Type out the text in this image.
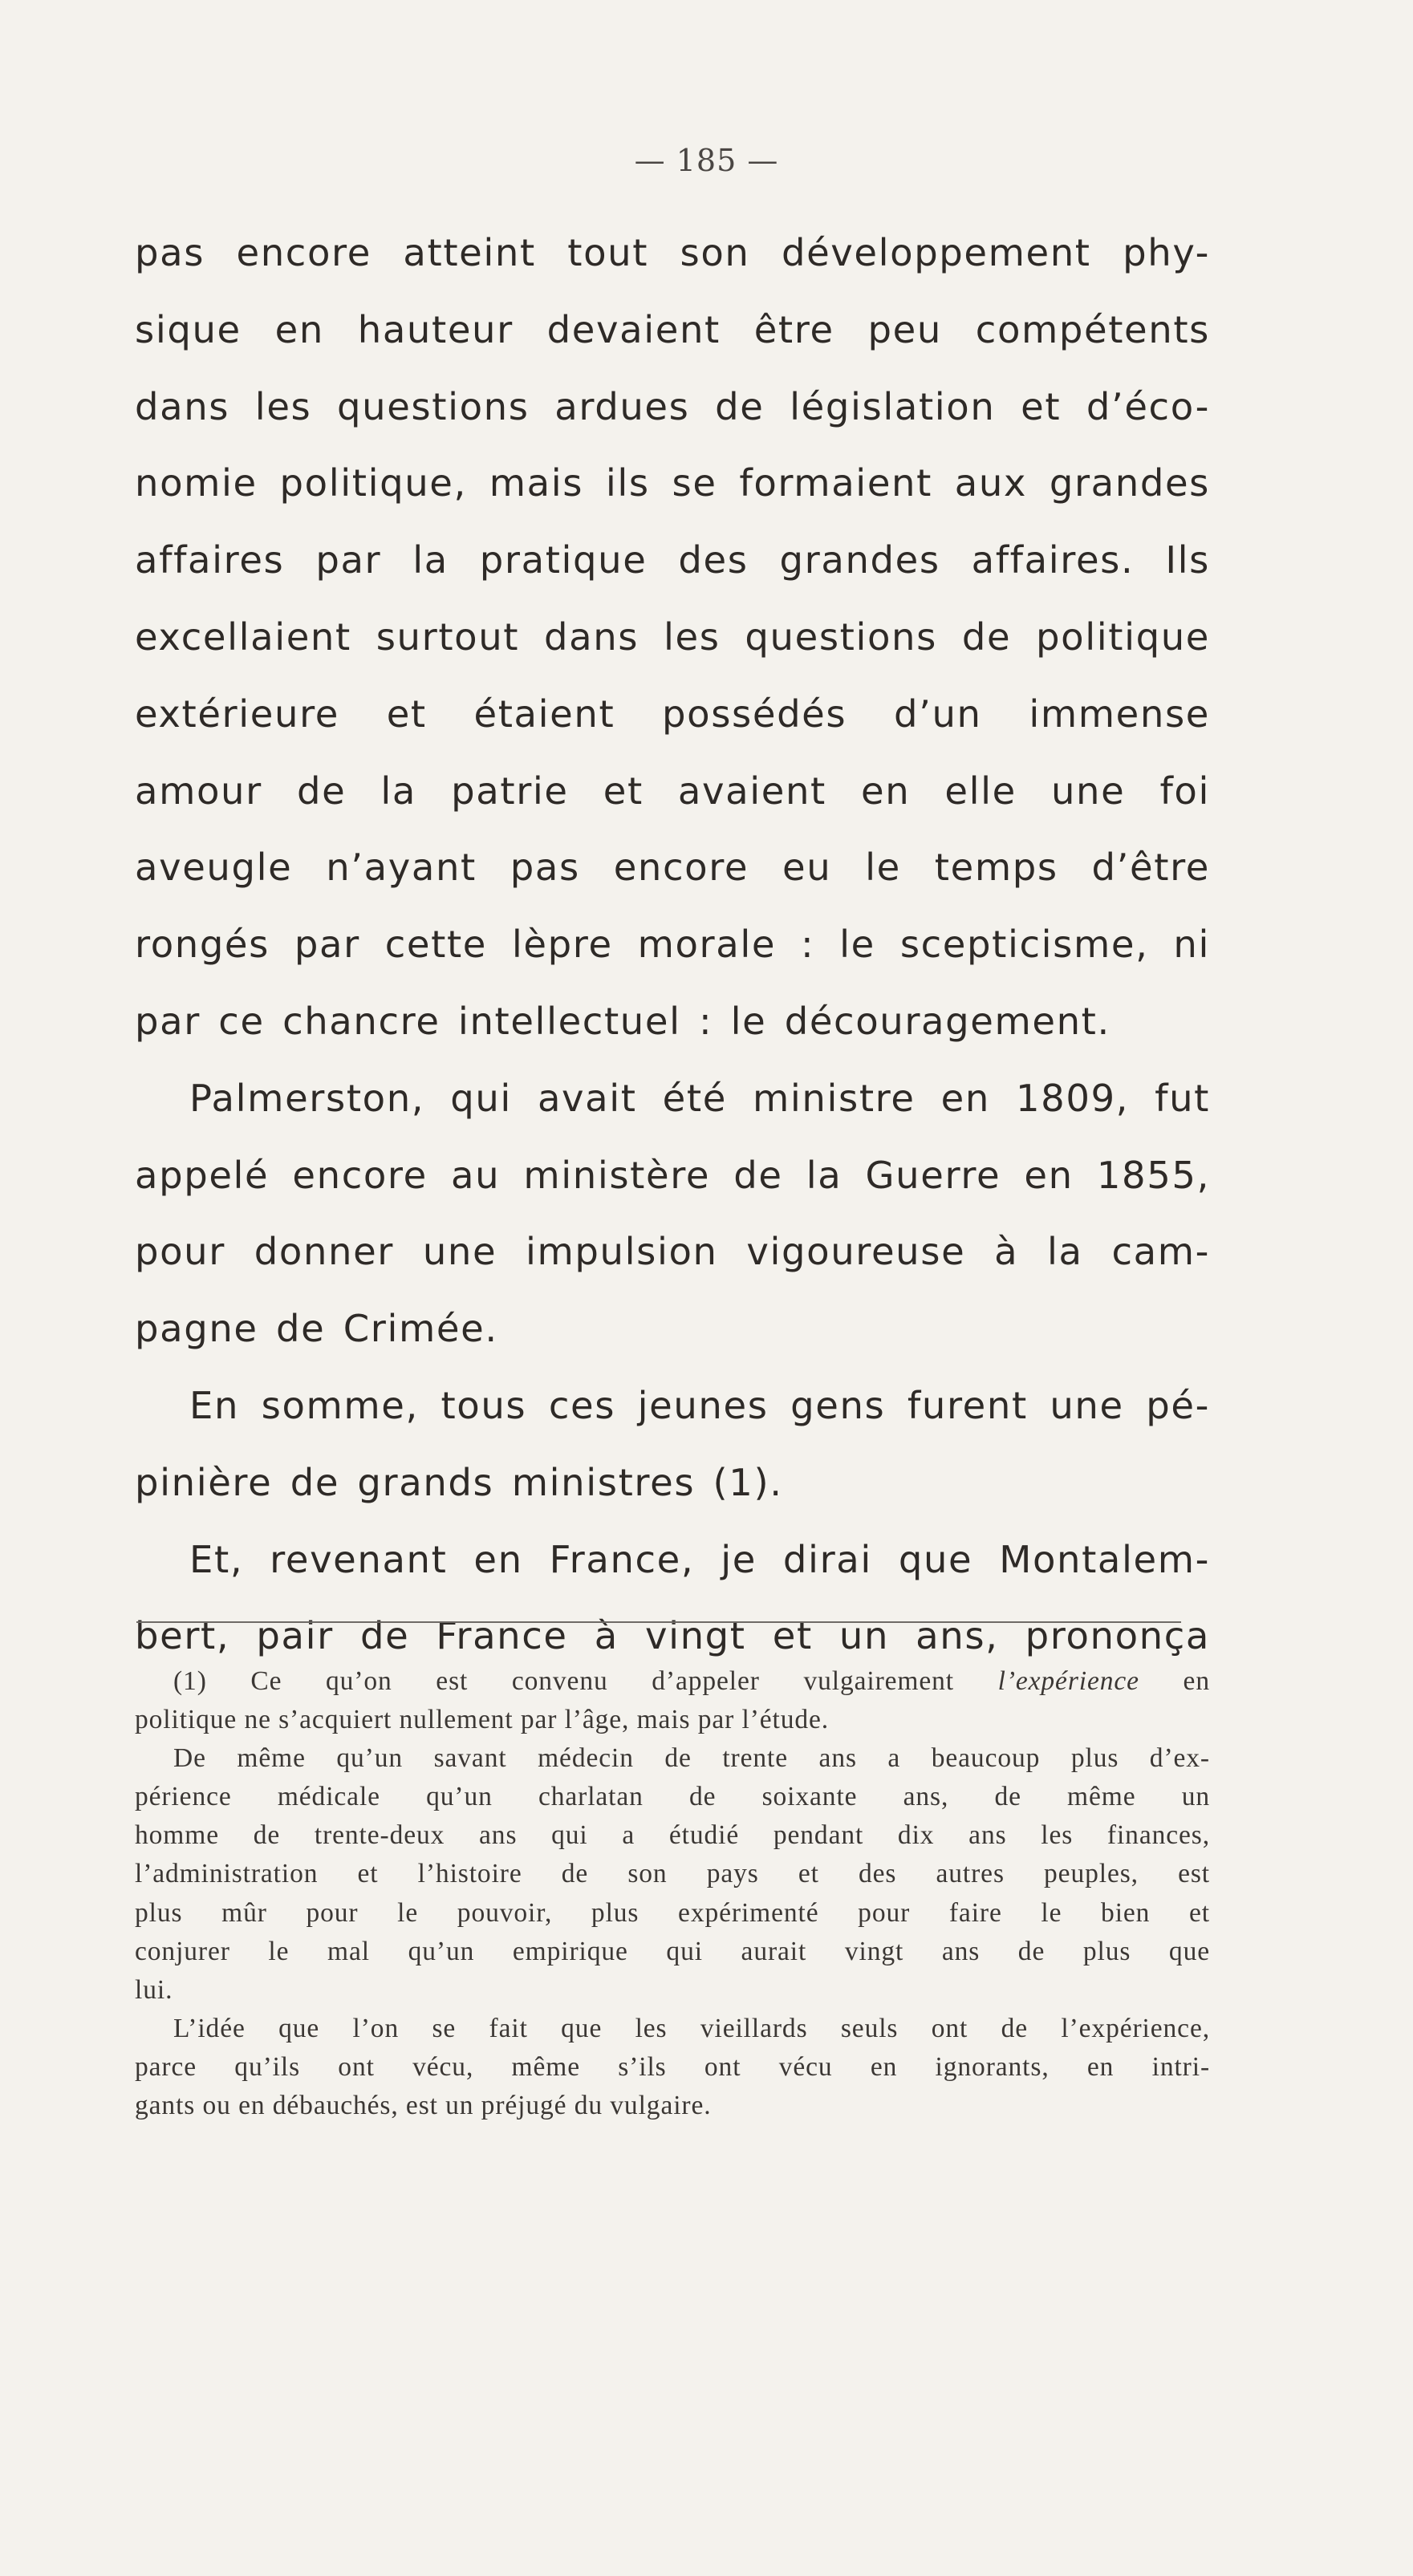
— 185 —
pas encore atteint tout son développement phy-
sique en hauteur devaient être peu compétents
dans les questions ardues de législation et d’éco-
nomie politique, mais ils se formaient aux grandes
affaires par la pratique des grandes affaires. Ils
excellaient surtout dans les questions de politique
extérieure et étaient possédés d’un immense
amour de la patrie et avaient en elle une foi
aveugle n’ayant pas encore eu le temps d’être
rongés par cette lèpre morale : le scepticisme, ni
par ce chancre intellectuel : le découragement.
Palmerston, qui avait été ministre en 1809, fut
appelé encore au ministère de la Guerre en 1855,
pour donner une impulsion vigoureuse à la cam-
pagne de Crimée.
En somme, tous ces jeunes gens furent une pé-
pinière de grands ministres (1).
Et, revenant en France, je dirai que Montalem-
bert, pair de France à vingt et un ans, prononça
(1) Ce qu’on est convenu d’appeler vulgairement l’expérience en
politique ne s’acquiert nullement par l’âge, mais par l’étude.
De même qu’un savant médecin de trente ans a beaucoup plus d’ex-
périence médicale qu’un charlatan de soixante ans, de même un
homme de trente-deux ans qui a étudié pendant dix ans les finances,
l’administration et l’histoire de son pays et des autres peuples, est
plus mûr pour le pouvoir, plus expérimenté pour faire le bien et
conjurer le mal qu’un empirique qui aurait vingt ans de plus que
lui.
L’idée que l’on se fait que les vieillards seuls ont de l’expérience,
parce qu’ils ont vécu, même s’ils ont vécu en ignorants, en intri-
gants ou en débauchés, est un préjugé du vulgaire.
